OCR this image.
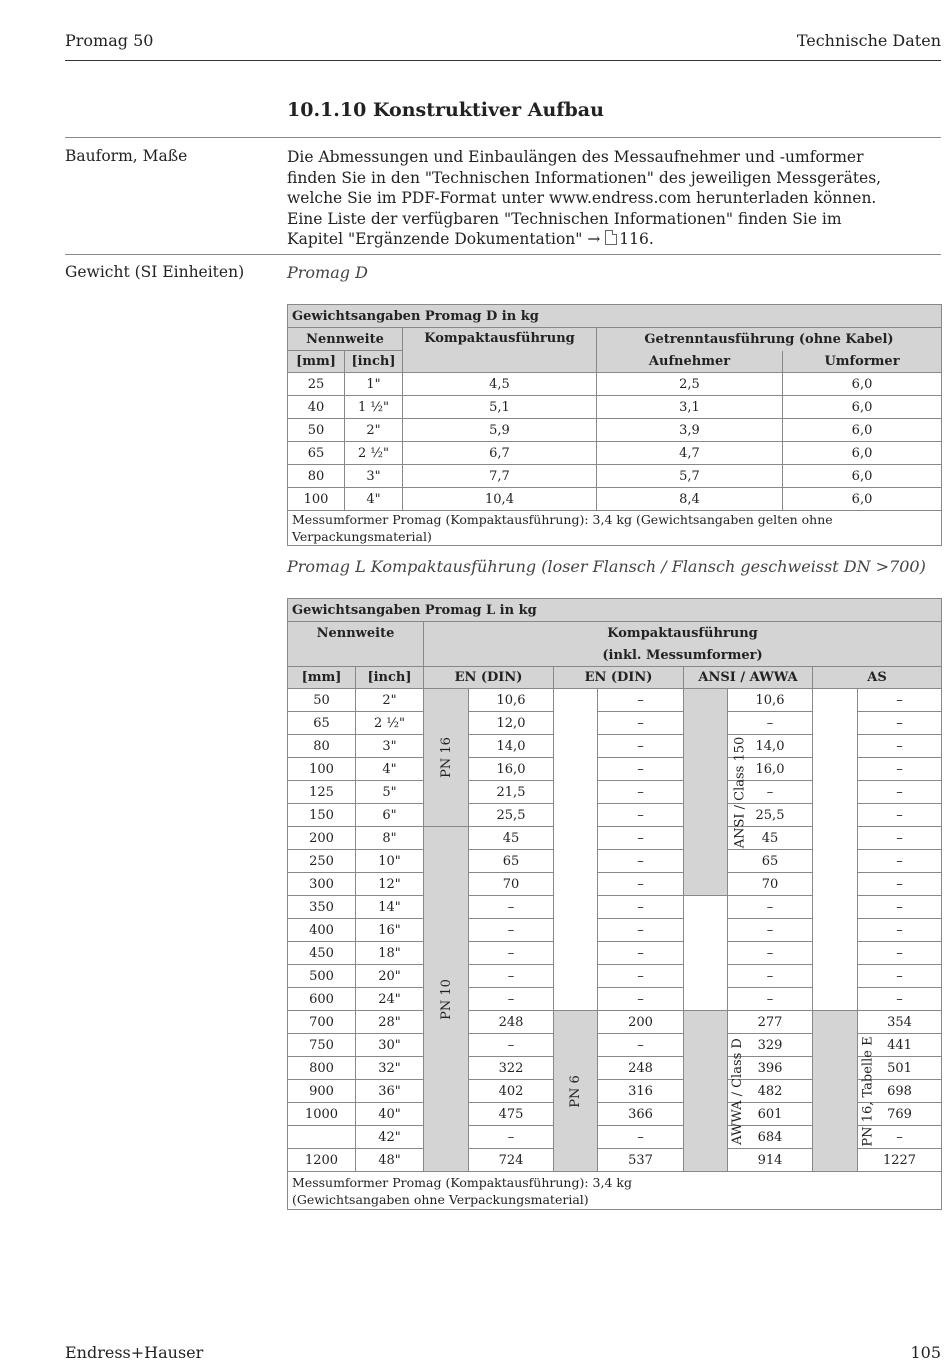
Promag 50	Technische Daten
10.1.10 Konstruktiver Aufbau
Bauform, Maße	Die Abmessungen und Einbaulängen des Messaufnehmer und -umformer finden Sie in den "Technischen Informationen" des jeweiligen Messgerätes, welche Sie im PDF-Format unter www.endress.com herunterladen können. Eine Liste der verfügbaren "Technischen Informationen" finden Sie im Kapitel "Ergänzende Dokumentation" → 116.
Gewicht (SI Einheiten)	Promag D
Gewichtsangaben Promag D in kg				
Nennweite		Kompaktausführung	Getrenntausführung (ohne Kabel)	
[mm]	[inch]		Aufnehmer	Umformer
25	1"	4,5	2,5	6,0
40	1 ½"	5,1	3,1	6,0
50	2"	5,9	3,9	6,0
65	2 ½"	6,7	4,7	6,0
80	3"	7,7	5,7	6,0
100	4"	10,4	8,4	6,0
Messumformer Promag (Kompaktausführung): 3,4 kg (Gewichtsangaben gelten ohne Verpackungsmaterial)				
Promag L Kompaktausführung (loser Flansch / Flansch geschweisst DN >700)
Gewichtsangaben Promag L in kg									
Nennweite		Kompaktausführung							
		(inkl. Messumformer)							
[mm]	[inch]	EN (DIN)		EN (DIN)		ANSI / AWWA		AS	
50	2"	PN 16	10,6		–	ANSI / Class 150	10,6		–
65	2 ½"		12,0		–		–		–
80	3"		14,0		–		14,0		–
100	4"		16,0		–		16,0		–
125	5"		21,5		–		–		–
150	6"		25,5		–		25,5		–
200	8"	PN 10	45		–		45		–
250	10"		65		–		65		–
300	12"		70		–		70		–
350	14"		–		–		–		–
400	16"		–		–		–		–
450	18"		–		–		–		–
500	20"		–		–		–		–
600	24"		–		–		–		–
700	28"		248	PN 6	200	AWWA / Class D	277	PN 16, Tabelle E	354
750	30"		–		–		329		441
800	32"		322		248		396		501
900	36"		402		316		482		698
1000	40"		475		366		601		769
	42"		–		–		684		–
1200	48"		724		537		914		1227
Messumformer Promag (Kompaktausführung): 3,4 kg
(Gewichtsangaben ohne Verpackungsmaterial)									
Endress+Hauser	105
